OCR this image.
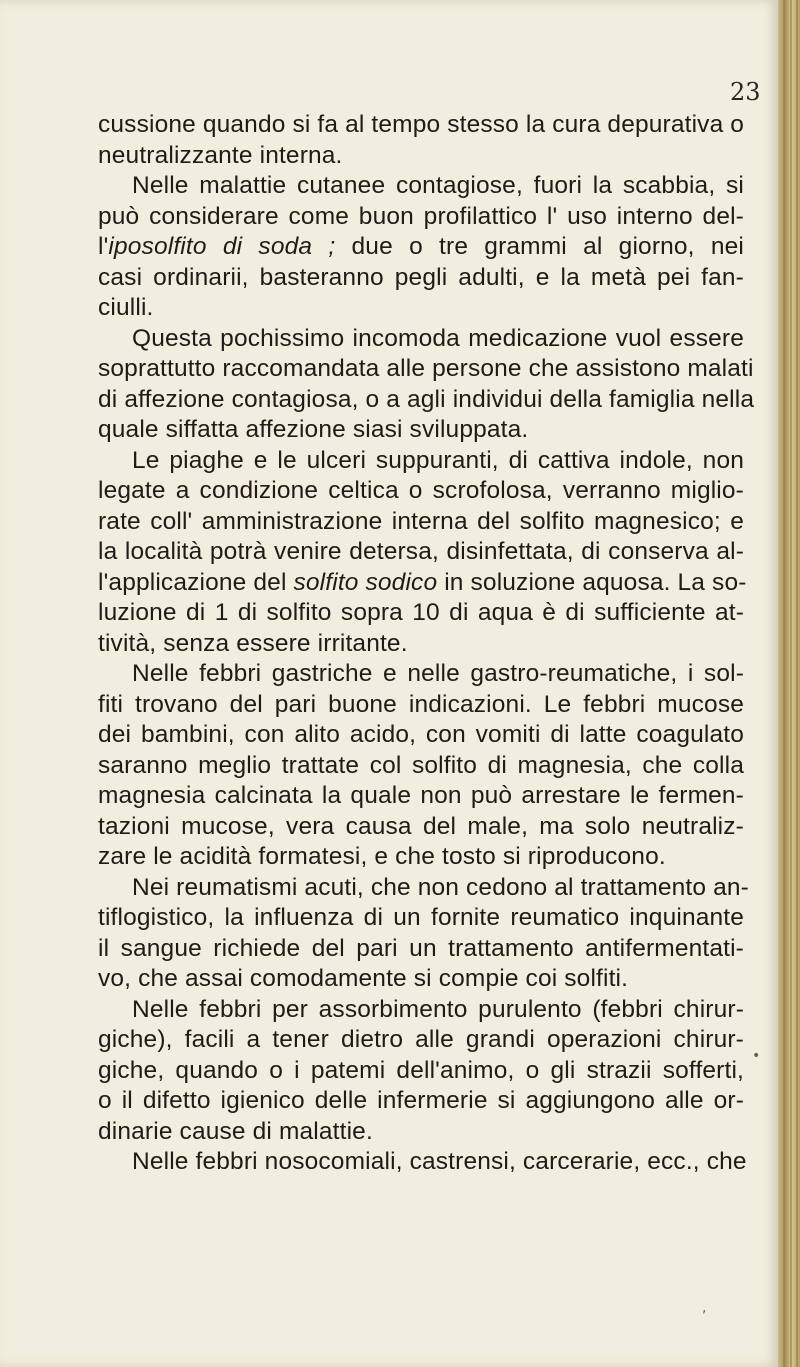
23
cussione quando si fa al tempo stesso la cura depurativa o
neutralizzante interna.
Nelle malattie cutanee contagiose, fuori la scabbia, si
può considerare come buon profilattico l' uso interno del-
l'iposolfito di soda ; due o tre grammi al giorno, nei
casi ordinarii, basteranno pegli adulti, e la metà pei fan-
ciulli.
Questa pochissimo incomoda medicazione vuol essere
soprattutto raccomandata alle persone che assistono malati
di affezione contagiosa, o a agli individui della famiglia nella
quale siffatta affezione siasi sviluppata.
Le piaghe e le ulceri suppuranti, di cattiva indole, non
legate a condizione celtica o scrofolosa, verranno miglio-
rate coll' amministrazione interna del solfito magnesico; e
la località potrà venire detersa, disinfettata, di conserva al-
l'applicazione del solfito sodico in soluzione aquosa. La so-
luzione di 1 di solfito sopra 10 di aqua è di sufficiente at-
tività, senza essere irritante.
Nelle febbri gastriche e nelle gastro-reumatiche, i sol-
fiti trovano del pari buone indicazioni. Le febbri mucose
dei bambini, con alito acido, con vomiti di latte coagulato
saranno meglio trattate col solfito di magnesia, che colla
magnesia calcinata la quale non può arrestare le fermen-
tazioni mucose, vera causa del male, ma solo neutraliz-
zare le acidità formatesi, e che tosto si riproducono.
Nei reumatismi acuti, che non cedono al trattamento an-
tiflogistico, la influenza di un fornite reumatico inquinante
il sangue richiede del pari un trattamento antifermentati-
vo, che assai comodamente si compie coi solfiti.
Nelle febbri per assorbimento purulento (febbri chirur-
giche), facili a tener dietro alle grandi operazioni chirur-
giche, quando o i patemi dell'animo, o gli strazii sofferti,
o il difetto igienico delle infermerie si aggiungono alle or-
dinarie cause di malattie.
Nelle febbri nosocomiali, castrensi, carcerarie, ecc., che
•
,
